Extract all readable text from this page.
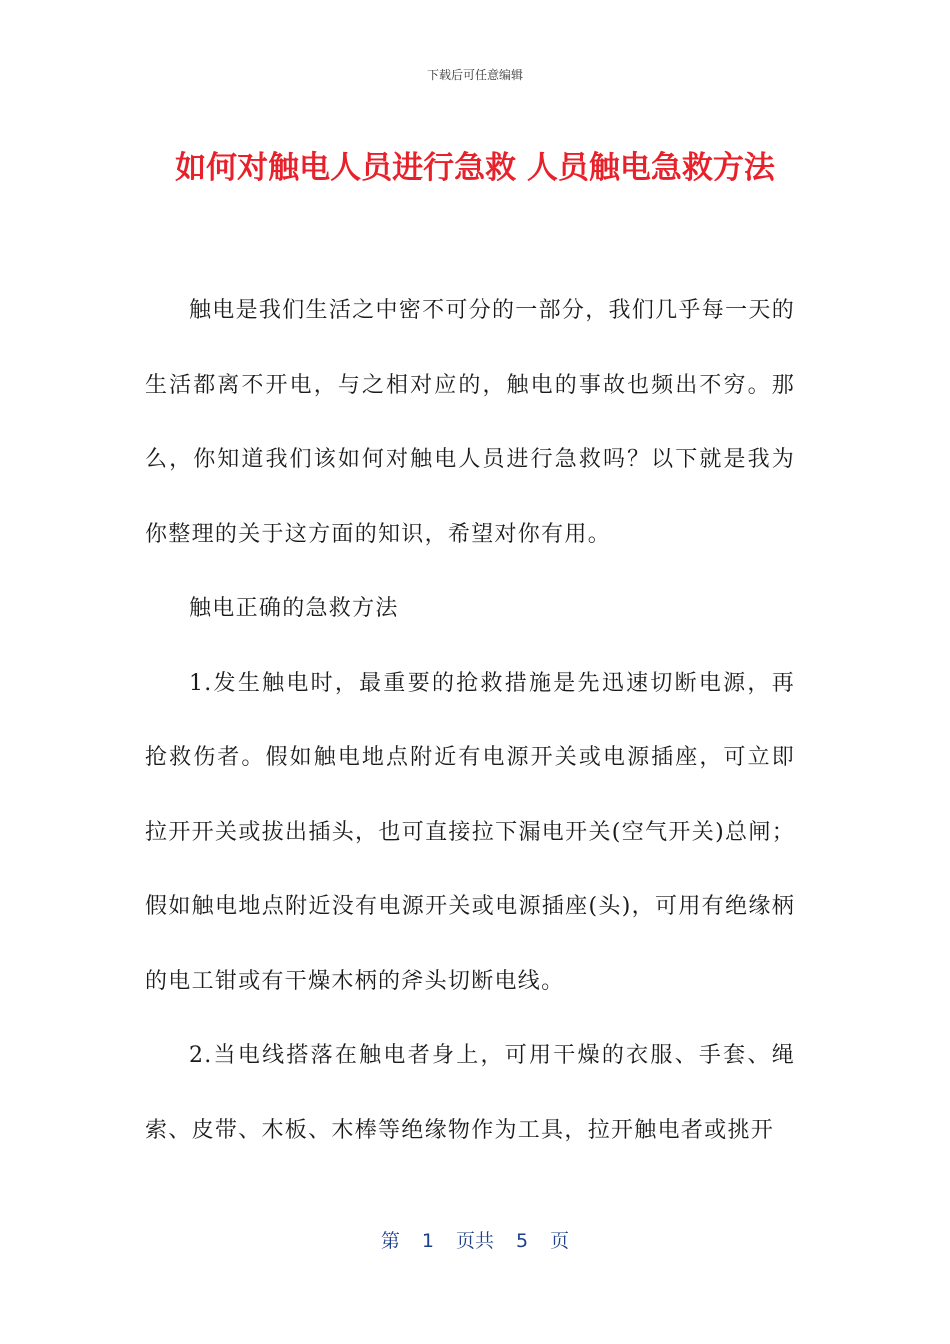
下载后可任意编辑
如何对触电人员进行急救 人员触电急救方法

触电是我们生活之中密不可分的一部分，我们几乎每一天的生活都离不开电，与之相对应的，触电的事故也频出不穷。那么，你知道我们该如何对触电人员进行急救吗？以下就是我为你整理的关于这方面的知识，希望对你有用。

触电正确的急救方法

1.发生触电时，最重要的抢救措施是先迅速切断电源，再抢救伤者。假如触电地点附近有电源开关或电源插座，可立即拉开开关或拔出插头，也可直接拉下漏电开关(空气开关)总闸；假如触电地点附近没有电源开关或电源插座(头)，可用有绝缘柄的电工钳或有干燥木柄的斧头切断电线。

2.当电线搭落在触电者身上，可用干燥的衣服、手套、绳索、皮带、木板、木棒等绝缘物作为工具，拉开触电者或挑开

第 1 页共 5 页
